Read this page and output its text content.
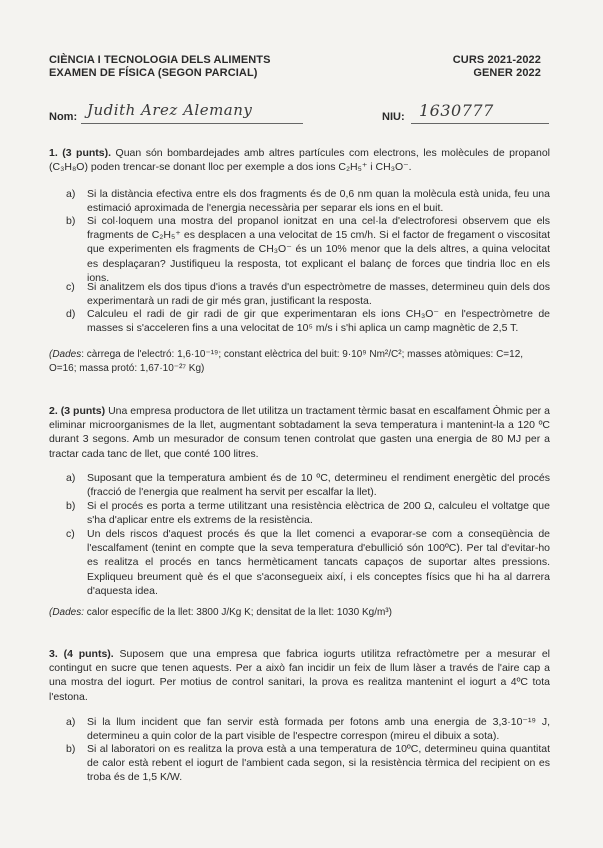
CIÈNCIA I TECNOLOGIA DELS ALIMENTS
EXAMEN DE FÍSICA (SEGON PARCIAL)
CURS 2021-2022
GENER 2022
Nom: Judith Arez Alemany	NIU: 1630777
1. (3 punts). Quan són bombardejades amb altres partícules com electrons, les molècules de propanol (C₃H₈O) poden trencar-se donant lloc per exemple a dos ions C₂H₅⁺ i CH₃O⁻.
a) Si la distància efectiva entre els dos fragments és de 0,6 nm quan la molècula està unida, feu una estimació aproximada de l'energia necessària per separar els ions en el buit.
b) Si col·loquem una mostra del propanol ionitzat en una cel·la d'electroforesi observem que els fragments de C₂H₅⁺ es desplacen a una velocitat de 15 cm/h. Si el factor de fregament o viscositat que experimenten els fragments de CH₃O⁻ és un 10% menor que la dels altres, a quina velocitat es desplaçaran? Justifiqueu la resposta, tot explicant el balanç de forces que tindria lloc en els ions.
c) Si analitzem els dos tipus d'ions a través d'un espectròmetre de masses, determineu quin dels dos experimentarà un radi de gir més gran, justificant la resposta.
d) Calculeu el radi de gir radi de gir que experimentaran els ions CH₃O⁻ en l'espectròmetre de masses si s'acceleren fins a una velocitat de 10⁵ m/s i s'hi aplica un camp magnètic de 2,5 T.
(Dades: càrrega de l'electró: 1,6·10⁻¹⁹; constant elèctrica del buit: 9·10⁹ Nm²/C²; masses atòmiques: C=12, O=16; massa protó: 1,67·10⁻²⁷ Kg)
2. (3 punts) Una empresa productora de llet utilitza un tractament tèrmic basat en escalfament Òhmic per a eliminar microorganismes de la llet, augmentant sobtadament la seva temperatura i mantenint-la a 120 ºC durant 3 segons. Amb un mesurador de consum tenen controlat que gasten una energia de 80 MJ per a tractar cada tanc de llet, que conté 100 litres.
a) Suposant que la temperatura ambient és de 10 ºC, determineu el rendiment energètic del procés (fracció de l'energia que realment ha servit per escalfar la llet).
b) Si el procés es porta a terme utilitzant una resistència elèctrica de 200 Ω, calculeu el voltatge que s'ha d'aplicar entre els extrems de la resistència.
c) Un dels riscos d'aquest procés és que la llet comenci a evaporar-se com a conseqüència de l'escalfament (tenint en compte que la seva temperatura d'ebullició són 100ºC). Per tal d'evitar-ho es realitza el procés en tancs hermèticament tancats capaços de suportar altes pressions. Expliqueu breument què és el que s'aconsegueix així, i els conceptes físics que hi ha al darrera d'aquesta idea.
(Dades: calor específic de la llet: 3800 J/Kg K; densitat de la llet: 1030 Kg/m³)
3. (4 punts). Suposem que una empresa que fabrica iogurts utilitza refractòmetre per a mesurar el contingut en sucre que tenen aquests. Per a això fan incidir un feix de llum làser a través de l'aire cap a una mostra del iogurt. Per motius de control sanitari, la prova es realitza mantenint el iogurt a 4ºC tota l'estona.
a) Si la llum incident que fan servir està formada per fotons amb una energia de 3,3·10⁻¹⁹ J, determineu a quin color de la part visible de l'espectre correspon (mireu el dibuix a sota).
b) Si al laboratori on es realitza la prova està a una temperatura de 10ºC, determineu quina quantitat de calor està rebent el iogurt de l'ambient cada segon, si la resistència tèrmica del recipient on es troba és de 1,5 K/W.
